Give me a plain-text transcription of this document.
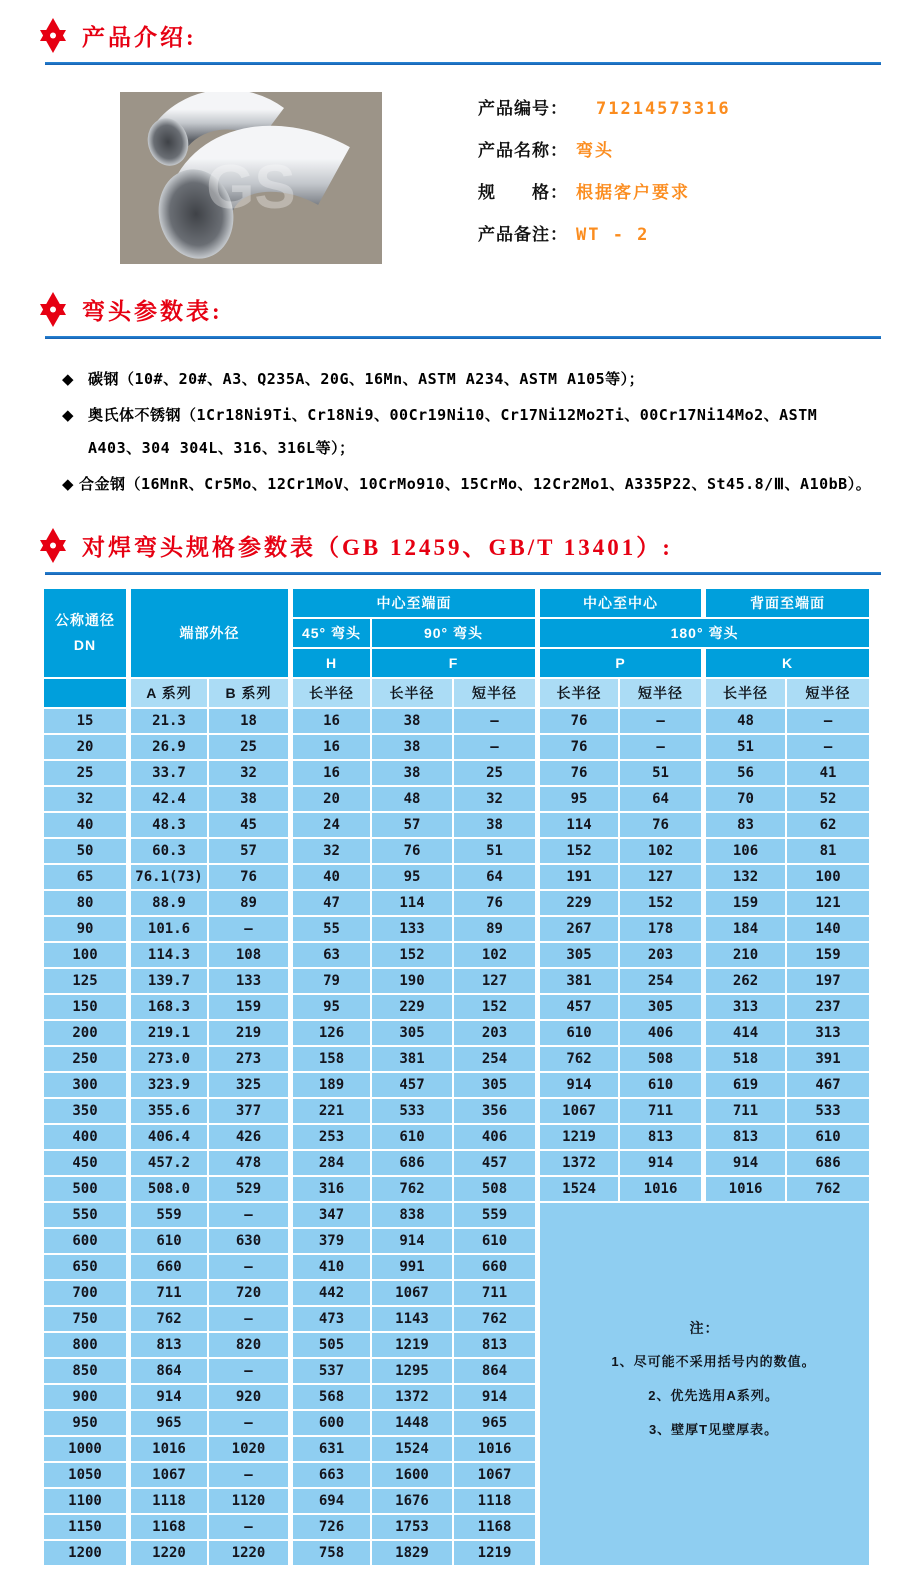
产品介绍:
GS
产品编号： 71214573316
产品名称： 弯头
规　　格： 根据客户要求
产品备注： WT - 2
弯头参数表:
◆ 碳钢（10#、20#、A3、Q235A、20G、16Mn、ASTM A234、ASTM A105等）；
◆ 奥氏体不锈钢（1Cr18Ni9Ti、Cr18Ni9、00Cr19Ni10、Cr17Ni12Mo2Ti、00Cr17Ni14Mo2、ASTM A403、304 304L、316、316L等）；
◆ 合金钢（16MnR、Cr5Mo、12Cr1MoV、10CrMo910、15CrMo、12Cr2Mo1、A335P22、St45.8/Ⅲ、A10bB）。
对焊弯头规格参数表（GB 12459、GB/T 13401）:
公称通径
DN	端部外径		中心至端面			中心至中心		背面至端面	
			45° 弯头	90° 弯头		180° 弯头			
			H	F		P		K	
	A 系列	B 系列	长半径	长半径	短半径	长半径	短半径	长半径	短半径
15	21.3	18	16	38	—	76	—	48	—
20	26.9	25	16	38	—	76	—	51	—
25	33.7	32	16	38	25	76	51	56	41
32	42.4	38	20	48	32	95	64	70	52
40	48.3	45	24	57	38	114	76	83	62
50	60.3	57	32	76	51	152	102	106	81
65	76.1(73)	76	40	95	64	191	127	132	100
80	88.9	89	47	114	76	229	152	159	121
90	101.6	—	55	133	89	267	178	184	140
100	114.3	108	63	152	102	305	203	210	159
125	139.7	133	79	190	127	381	254	262	197
150	168.3	159	95	229	152	457	305	313	237
200	219.1	219	126	305	203	610	406	414	313
250	273.0	273	158	381	254	762	508	518	391
300	323.9	325	189	457	305	914	610	619	467
350	355.6	377	221	533	356	1067	711	711	533
400	406.4	426	253	610	406	1219	813	813	610
450	457.2	478	284	686	457	1372	914	914	686
500	508.0	529	316	762	508	1524	1016	1016	762
550	559	—	347	838	559	注：
1、尽可能不采用括号内的数值。
2、优先选用A系列。
3、壁厚T见壁厚表。			

600	610	630	379	914	610				
650	660	—	410	991	660				
700	711	720	442	1067	711				
750	762	—	473	1143	762				
800	813	820	505	1219	813				
850	864	—	537	1295	864				
900	914	920	568	1372	914				
950	965	—	600	1448	965				
1000	1016	1020	631	1524	1016				
1050	1067	—	663	1600	1067				
1100	1118	1120	694	1676	1118				
1150	1168	—	726	1753	1168				
1200	1220	1220	758	1829	1219				
